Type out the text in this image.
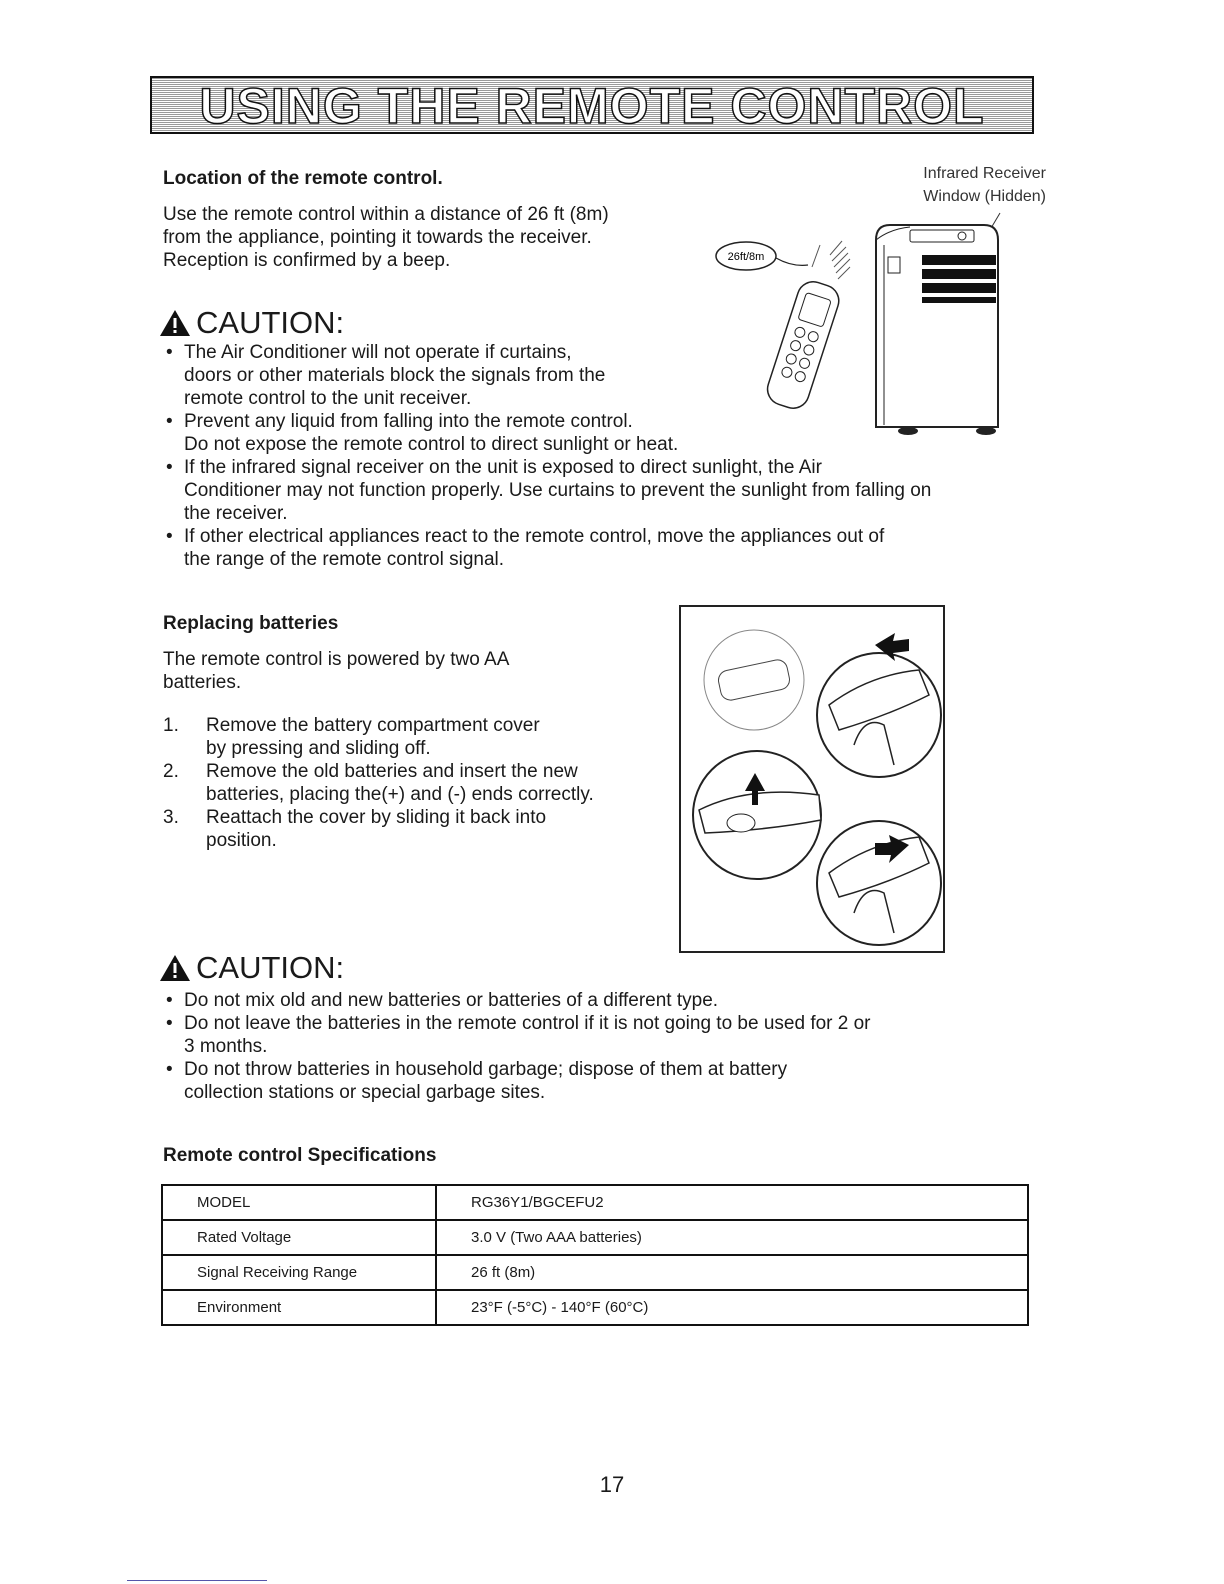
USING THE REMOTE CONTROL
Location of the remote control.
Use the remote control within a distance of 26 ft (8m)
from the appliance, pointing it towards the receiver.
Reception is confirmed by a beep.
Infrared Receiver
Window (Hidden)
26ft/8m
CAUTION:
• The Air Conditioner will not operate if curtains,
doors or other materials block the signals from the
remote control to the unit receiver.
• Prevent any liquid from falling into the remote control.
Do not expose the remote control to direct sunlight or heat.
• If the infrared signal receiver on the unit is exposed to direct sunlight, the Air
Conditioner may not function properly. Use curtains to prevent the sunlight from falling on
the receiver.
• If other electrical appliances react to the remote control, move the appliances out of
the range of the remote control signal.
Replacing batteries
The remote control is powered by two AA
batteries.
1. Remove the battery compartment cover
by pressing and sliding off.
2. Remove the old batteries and insert the new
batteries, placing the(+) and (-) ends correctly.
3. Reattach the cover by sliding it back into
position.
CAUTION:
• Do not mix old and new batteries or batteries of a different type.
• Do not leave the batteries in the remote control if it is not going to be used for 2 or
3 months.
• Do not throw batteries in household garbage; dispose of them at battery
collection stations or special garbage sites.
Remote control Specifications
MODEL	RG36Y1/BGCEFU2
Rated Voltage	3.0 V (Two AAA batteries)
Signal Receiving Range	26 ft (8m)
Environment	23°F (-5°C) - 140°F (60°C)
17
